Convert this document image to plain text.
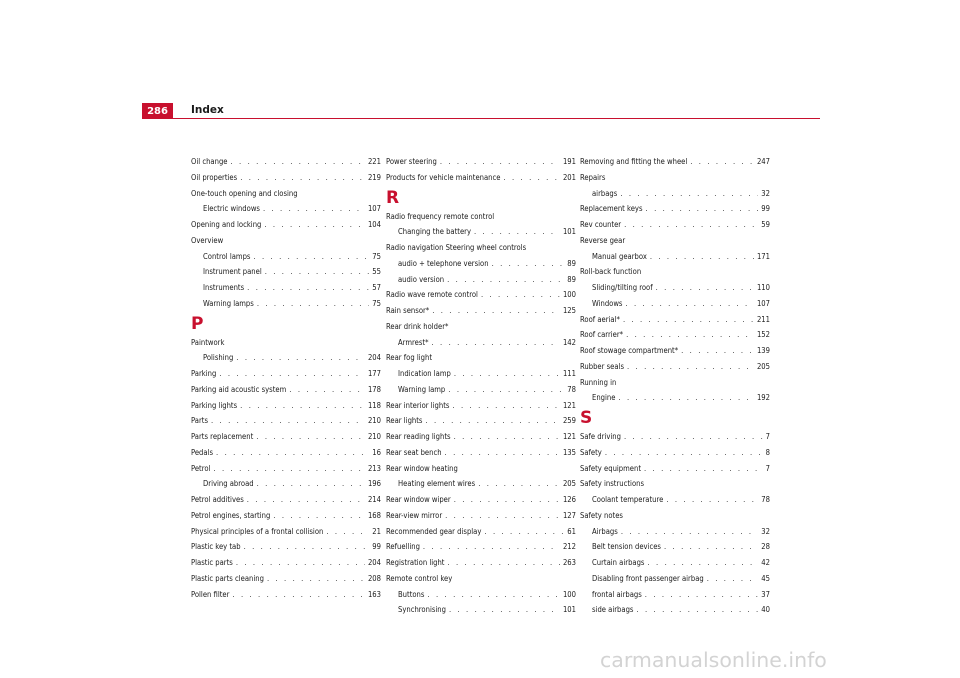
286	Index
Oil change . . .	221
Oil properties . . .	219
One-touch opening and closing
Electric windows . . .	107
Opening and locking . . .	104
Overview
Control lamps . . .	75
Instrument panel . . .	55
Instruments . . .	57
Warning lamps . . .	75
P
Paintwork
Polishing . . .	204
Parking . . .	177
Parking aid acoustic system . . .	178
Parking lights . . .	118
Parts . . .	210
Parts replacement . . .	210
Pedals . . .	16
Petrol . . .	213
Driving abroad . . .	196
Petrol additives . . .	214
Petrol engines, starting . . .	168
Physical principles of a frontal collision . . .	21
Plastic key tab . . .	99
Plastic parts . . .	204
Plastic parts cleaning . . .	208
Pollen filter . . .	163
Power steering . . .	191
Products for vehicle maintenance . . .	201
R
Radio frequency remote control
Changing the battery . . .	101
Radio navigation Steering wheel controls
audio + telephone version . . .	89
audio version . . .	89
Radio wave remote control . . .	100
Rain sensor* . . .	125
Rear drink holder*
Armrest* . . .	142
Rear fog light
Indication lamp . . .	111
Warning lamp . . .	78
Rear interior lights . . .	121
Rear lights . . .	259
Rear reading lights . . .	121
Rear seat bench . . .	135
Rear window heating
Heating element wires . . .	205
Rear window wiper . . .	126
Rear-view mirror . . .	127
Recommended gear display . . .	61
Refuelling . . .	212
Registration light . . .	263
Remote control key
Buttons . . .	100
Synchronising . . .	101
Removing and fitting the wheel . . .	247
Repairs
airbags . . .	32
Replacement keys . . .	99
Rev counter . . .	59
Reverse gear
Manual gearbox . . .	171
Roll-back function
Sliding/tilting roof . . .	110
Windows . . .	107
Roof aerial* . . .	211
Roof carrier* . . .	152
Roof stowage compartment* . . .	139
Rubber seals . . .	205
Running in
Engine . . .	192
S
Safe driving . . .	7
Safety . . .	8
Safety equipment . . .	7
Safety instructions
Coolant temperature . . .	78
Safety notes
Airbags . . .	32
Belt tension devices . . .	28
Curtain airbags . . .	42
Disabling front passenger airbag . . .	45
frontal airbags . . .	37
side airbags . . .	40
carmanualsonline.info
